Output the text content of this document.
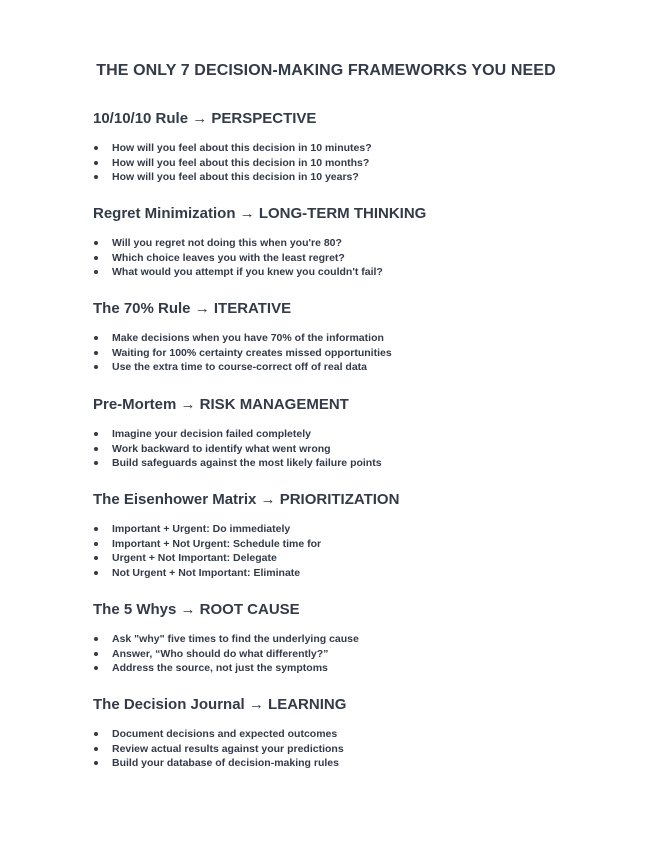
THE ONLY 7 DECISION-MAKING FRAMEWORKS YOU NEED
10/10/10 Rule → PERSPECTIVE
How will you feel about this decision in 10 minutes?
How will you feel about this decision in 10 months?
How will you feel about this decision in 10 years?
Regret Minimization → LONG-TERM THINKING
Will you regret not doing this when you're 80?
Which choice leaves you with the least regret?
What would you attempt if you knew you couldn't fail?
The 70% Rule → ITERATIVE
Make decisions when you have 70% of the information
Waiting for 100% certainty creates missed opportunities
Use the extra time to course-correct off of real data
Pre-Mortem → RISK MANAGEMENT
Imagine your decision failed completely
Work backward to identify what went wrong
Build safeguards against the most likely failure points
The Eisenhower Matrix → PRIORITIZATION
Important + Urgent: Do immediately
Important + Not Urgent: Schedule time for
Urgent + Not Important: Delegate
Not Urgent + Not Important: Eliminate
The 5 Whys → ROOT CAUSE
Ask "why" five times to find the underlying cause
Answer, “Who should do what differently?”
Address the source, not just the symptoms
The Decision Journal → LEARNING
Document decisions and expected outcomes
Review actual results against your predictions
Build your database of decision-making rules
